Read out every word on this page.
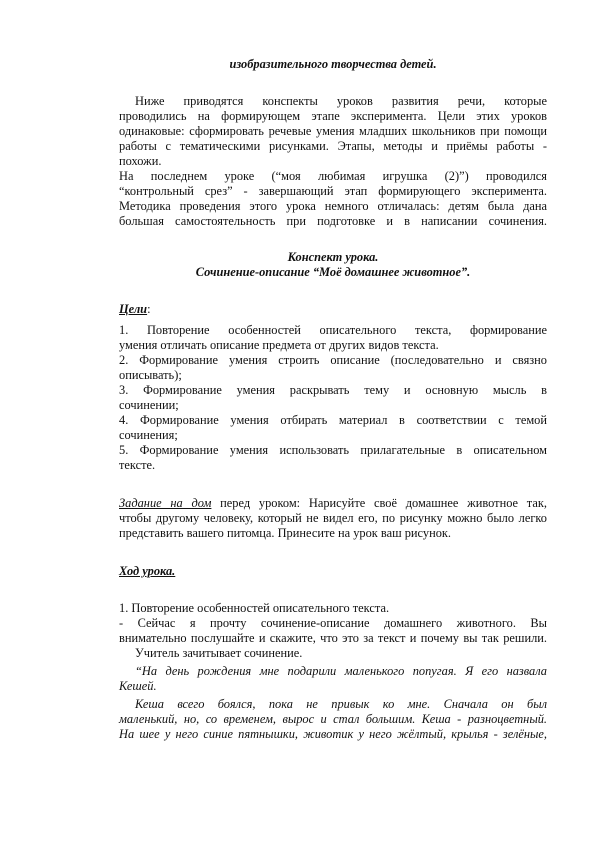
изобразительного творчества детей.
Ниже приводятся конспекты уроков развития речи, которые
проводились на формирующем этапе эксперимента. Цели этих уроков
одинаковые: сформировать речевые умения младших школьников при помощи
работы с тематическими рисунками. Этапы, методы и приёмы работы -
похожи.
На последнем уроке (“моя любимая игрушка (2)”) проводился
“контрольный срез” - завершающий этап формирующего эксперимента.
Методика проведения этого урока немного отличалась: детям была дана
большая самостоятельность при подготовке и в написании сочинения.
Конспект урока.
Сочинение-описание “Моё домашнее животное”.
Цели:
1. Повторение особенностей описательного текста, формирование
умения отличать описание предмета от других видов текста.
2. Формирование умения строить описание (последовательно и связно
описывать);
3. Формирование умения раскрывать тему и основную мысль в
сочинении;
4. Формирование умения отбирать материал в соответствии с темой
сочинения;
5. Формирование умения использовать прилагательные в описательном
тексте.
Задание на дом перед уроком: Нарисуйте своё домашнее животное так,
чтобы другому человеку, который не видел его, по рисунку можно было легко
представить вашего питомца. Принесите на урок ваш рисунок.
Ход урока.
1. Повторение особенностей описательного текста.
- Сейчас я прочту сочинение-описание домашнего животного. Вы
внимательно послушайте и скажите, что это за текст и почему вы так решили.
Учитель зачитывает сочинение.
“На день рождения мне подарили маленького попугая. Я его назвала
Кешей.
Кеша всего боялся, пока не привык ко мне. Сначала он был
маленький, но, со временем, вырос и стал большим. Кеша - разноцветный.
На шее у него синие пятнышки, животик у него жёлтый, крылья - зелёные,
